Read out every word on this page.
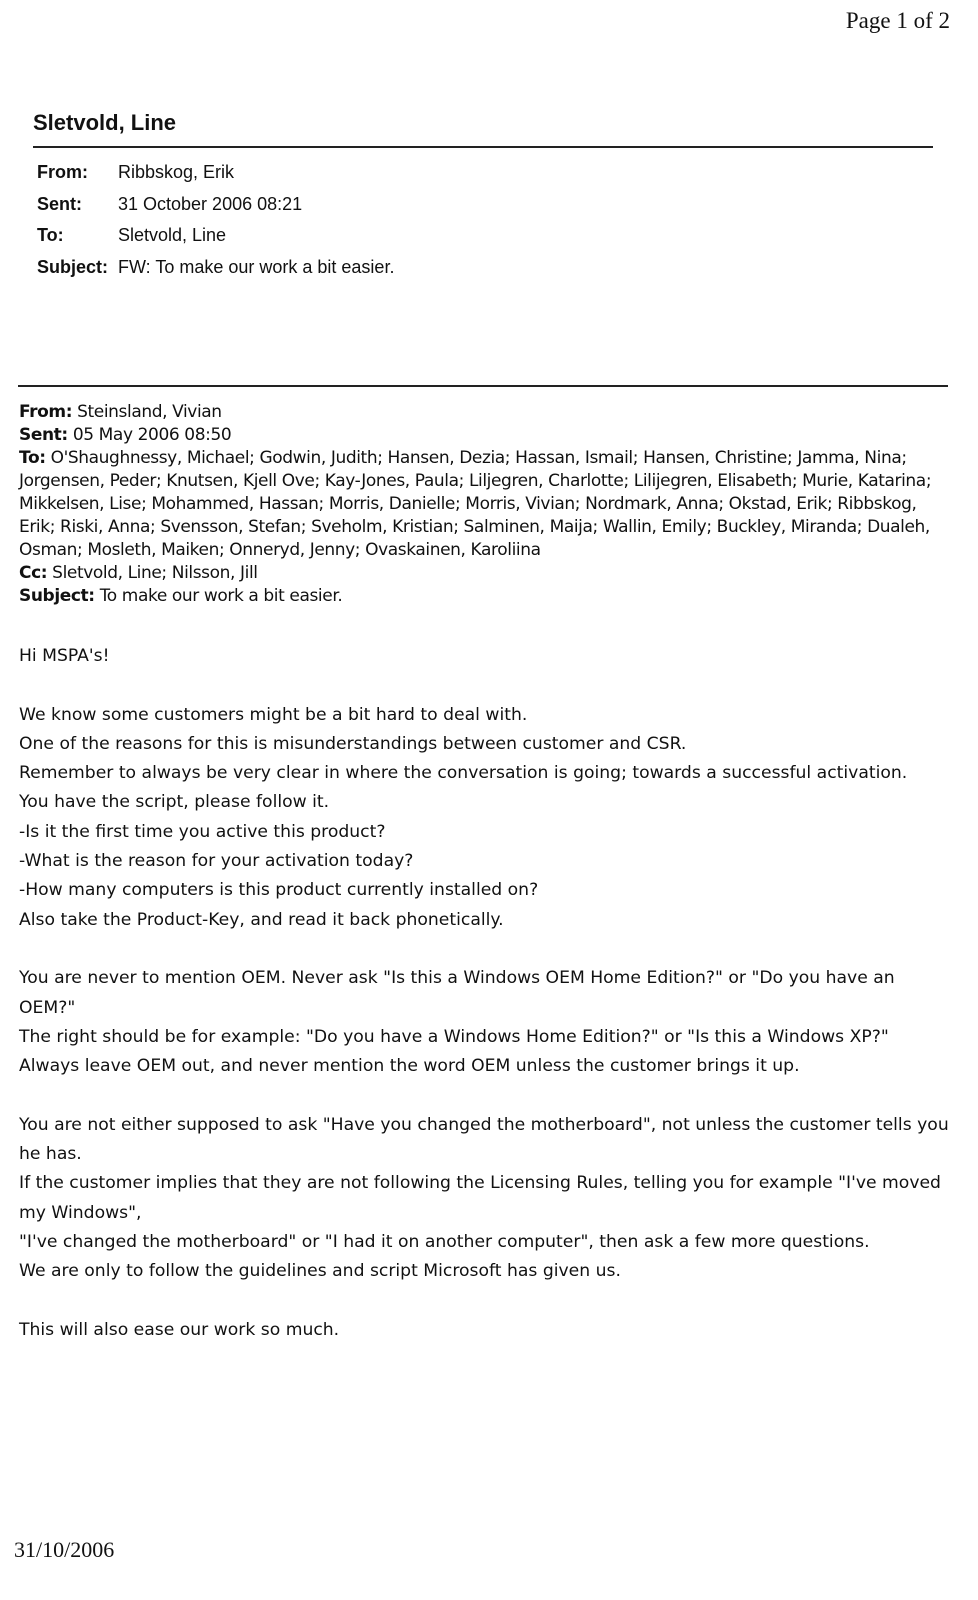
Page 1 of 2
Sletvold, Line
From:	Ribbskog, Erik
Sent:	31 October 2006 08:21
To:	Sletvold, Line
Subject:	FW: To make our work a bit easier.
From: Steinsland, Vivian
Sent: 05 May 2006 08:50
To: O'Shaughnessy, Michael; Godwin, Judith; Hansen, Dezia; Hassan, Ismail; Hansen, Christine; Jamma, Nina; Jorgensen, Peder; Knutsen, Kjell Ove; Kay-Jones, Paula; Liljegren, Charlotte; Lilijegren, Elisabeth; Murie, Katarina; Mikkelsen, Lise; Mohammed, Hassan; Morris, Danielle; Morris, Vivian; Nordmark, Anna; Okstad, Erik; Ribbskog, Erik; Riski, Anna; Svensson, Stefan; Sveholm, Kristian; Salminen, Maija; Wallin, Emily; Buckley, Miranda; Dualeh, Osman; Mosleth, Maiken; Onneryd, Jenny; Ovaskainen, Karoliina
Cc: Sletvold, Line; Nilsson, Jill
Subject: To make our work a bit easier.

Hi MSPA's!

We know some customers might be a bit hard to deal with.

One of the reasons for this is misunderstandings between customer and CSR.

Remember to always be very clear in where the conversation is going; towards a successful activation.

You have the script, please follow it.

-Is it the first time you active this product?

-What is the reason for your activation today?

-How many computers is this product currently installed on?

Also take the Product-Key, and read it back phonetically.

You are never to mention OEM. Never ask "Is this a Windows OEM Home Edition?" or "Do you have an OEM?"

The right should be for example: "Do you have a Windows Home Edition?" or "Is this a Windows XP?"

Always leave OEM out, and never mention the word OEM unless the customer brings it up.

You are not either supposed to ask "Have you changed the motherboard", not unless the customer tells you he has.

If the customer implies that they are not following the Licensing Rules, telling you for example "I've moved my Windows",

"I've changed the motherboard" or "I had it on another computer", then ask a few more questions.

We are only to follow the guidelines and script Microsoft has given us.

This will also ease our work so much.

31/10/2006
